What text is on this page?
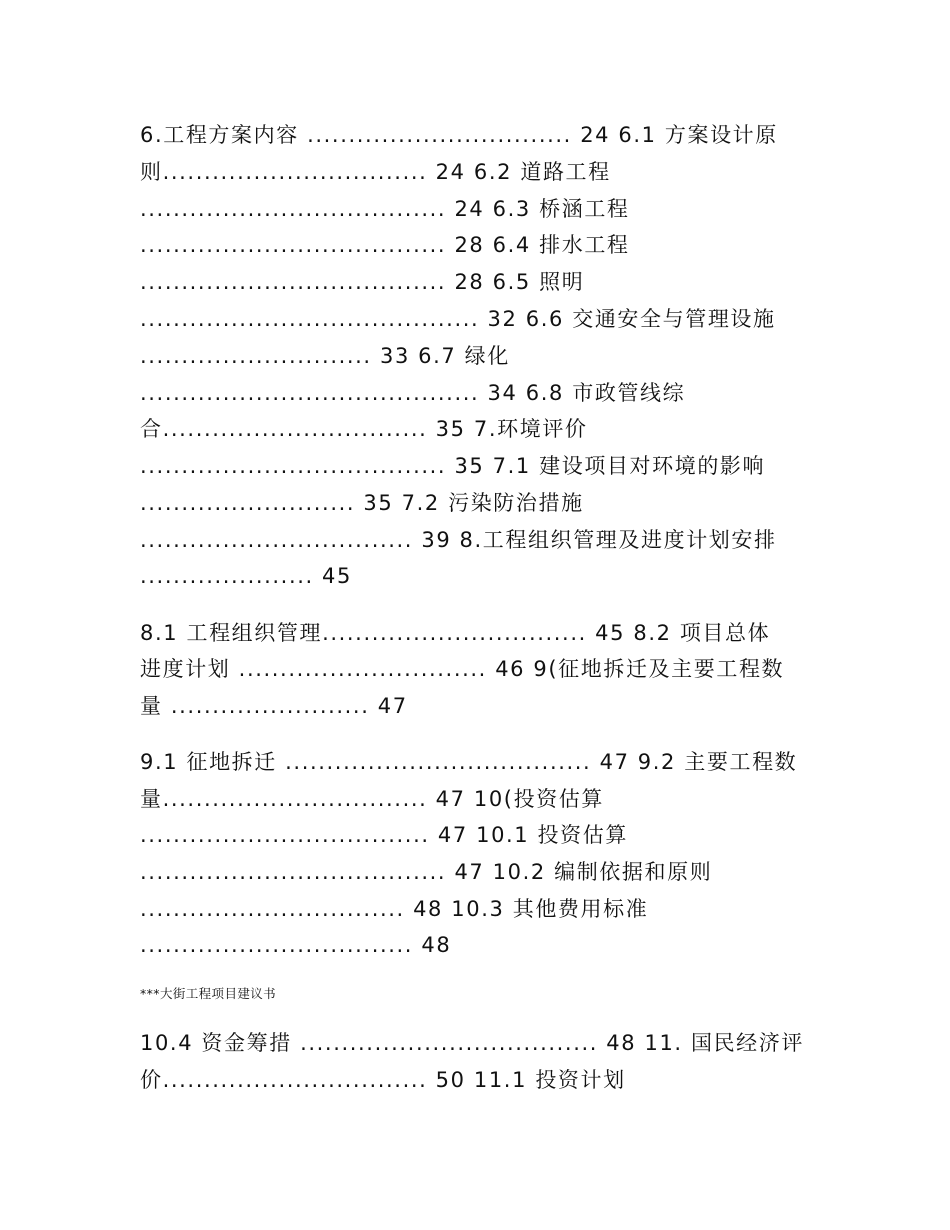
6.工程方案内容 ................................ 24 6.1 方案设计原
则................................ 24 6.2 道路工程
..................................... 24 6.3 桥涵工程
..................................... 28 6.4 排水工程
..................................... 28 6.5 照明
......................................... 32 6.6 交通安全与管理设施
............................ 33 6.7 绿化
......................................... 34 6.8 市政管线综
合................................ 35 7.环境评价
..................................... 35 7.1 建设项目对环境的影响
.......................... 35 7.2 污染防治措施
................................. 39 8.工程组织管理及进度计划安排
..................... 45
8.1 工程组织管理................................ 45 8.2 项目总体
进度计划 .............................. 46 9(征地拆迁及主要工程数
量 ........................ 47
9.1 征地拆迁 ..................................... 47 9.2 主要工程数
量................................ 47 10(投资估算
................................... 47 10.1 投资估算
..................................... 47 10.2 编制依据和原则
................................ 48 10.3 其他费用标准
................................. 48
***大街工程项目建议书
10.4 资金筹措 .................................... 48 11. 国民经济评
价................................ 50 11.1 投资计划
